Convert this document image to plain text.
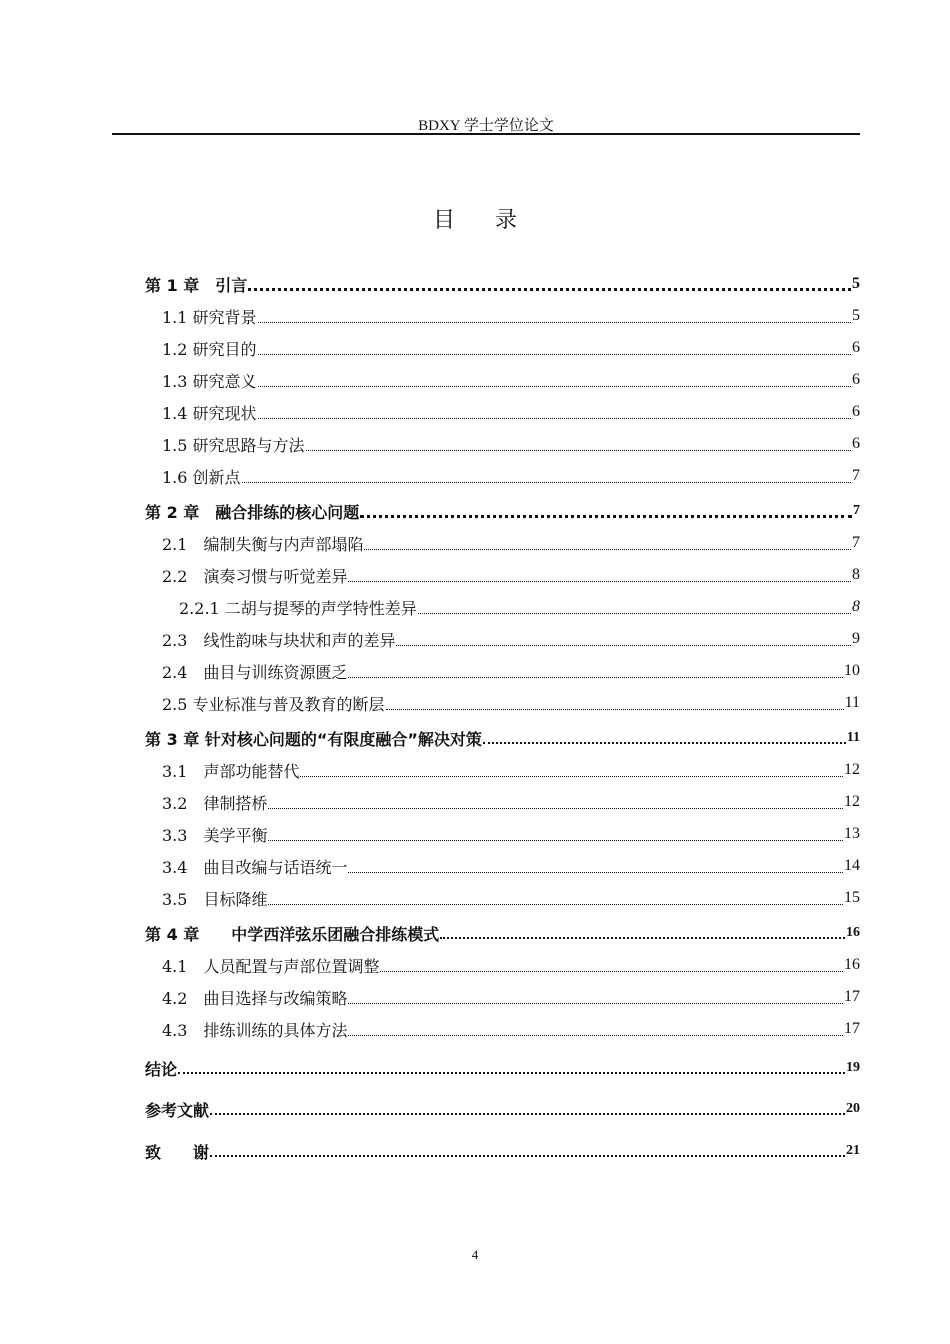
BDXY 学士学位论文
目录
第 1 章　引言	5
1.1 研究背景	5
1.2 研究目的	6
1.3 研究意义	6
1.4 研究现状	6
1.5 研究思路与方法	6
1.6 创新点	7
第 2 章　融合排练的核心问题	7
2.1　编制失衡与内声部塌陷	7
2.2　演奏习惯与听觉差异	8
2.2.1 二胡与提琴的声学特性差异	8
2.3　线性韵味与块状和声的差异	9
2.4　曲目与训练资源匮乏	10
2.5 专业标准与普及教育的断层	11
第 3 章 针对核心问题的“有限度融合”解决对策	11
3.1　声部功能替代	12
3.2　律制搭桥	12
3.3　美学平衡	13
3.4　曲目改编与话语统一	14
3.5　目标降维	15
第 4 章　　中学西洋弦乐团融合排练模式	16
4.1　人员配置与声部位置调整	16
4.2　曲目选择与改编策略	17
4.3　排练训练的具体方法	17
结论	19
参考文献	20
致　　谢	21
4
